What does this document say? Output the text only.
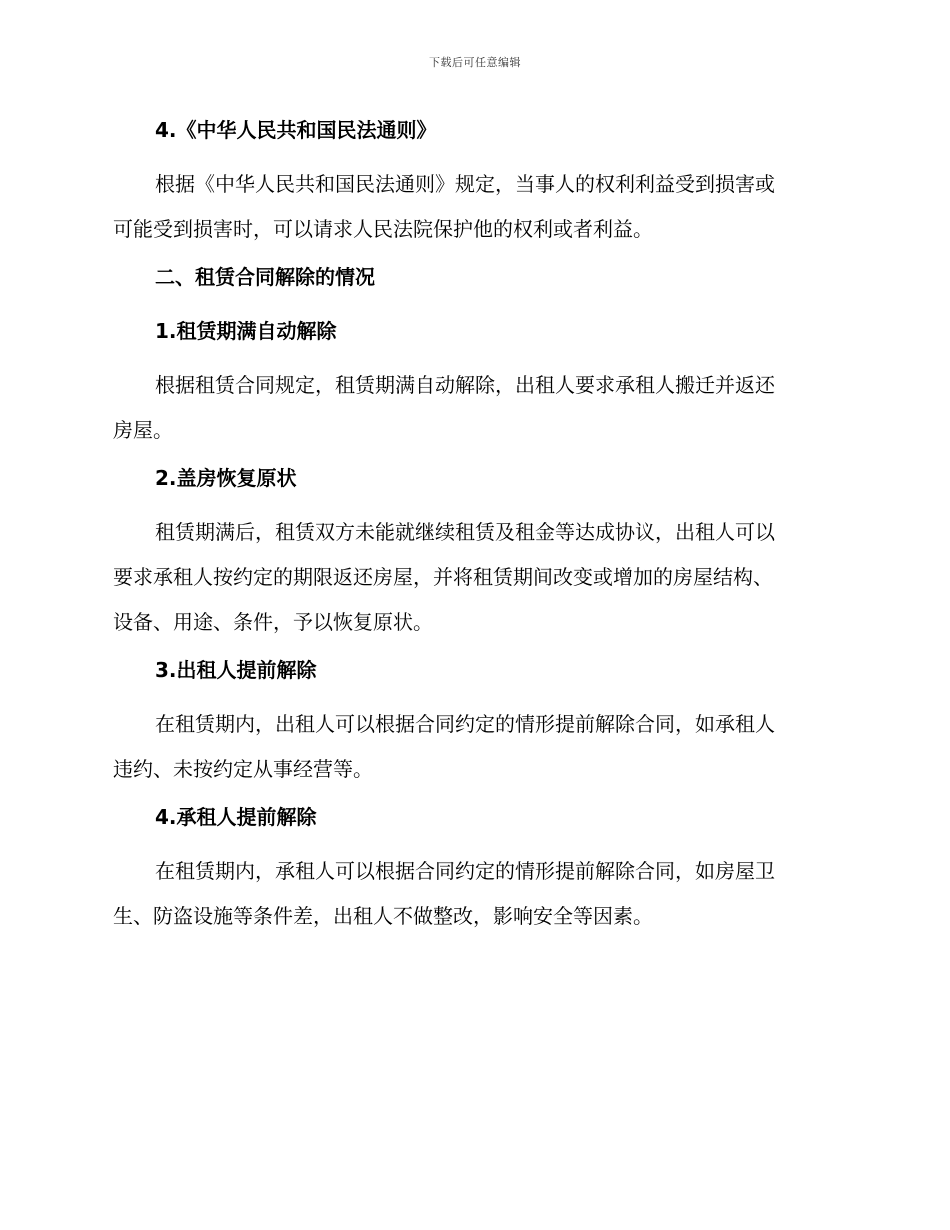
下载后可任意编辑
4.《中华人民共和国民法通则》
根据《中华人民共和国民法通则》规定，当事人的权利利益受到损害或
可能受到损害时，可以请求人民法院保护他的权利或者利益。
二、租赁合同解除的情况
1.租赁期满自动解除
根据租赁合同规定，租赁期满自动解除，出租人要求承租人搬迁并返还
房屋。
2.盖房恢复原状
租赁期满后，租赁双方未能就继续租赁及租金等达成协议，出租人可以
要求承租人按约定的期限返还房屋，并将租赁期间改变或增加的房屋结构、
设备、用途、条件，予以恢复原状。
3.出租人提前解除
在租赁期内，出租人可以根据合同约定的情形提前解除合同，如承租人
违约、未按约定从事经营等。
4.承租人提前解除
在租赁期内，承租人可以根据合同约定的情形提前解除合同，如房屋卫
生、防盗设施等条件差，出租人不做整改，影响安全等因素。
